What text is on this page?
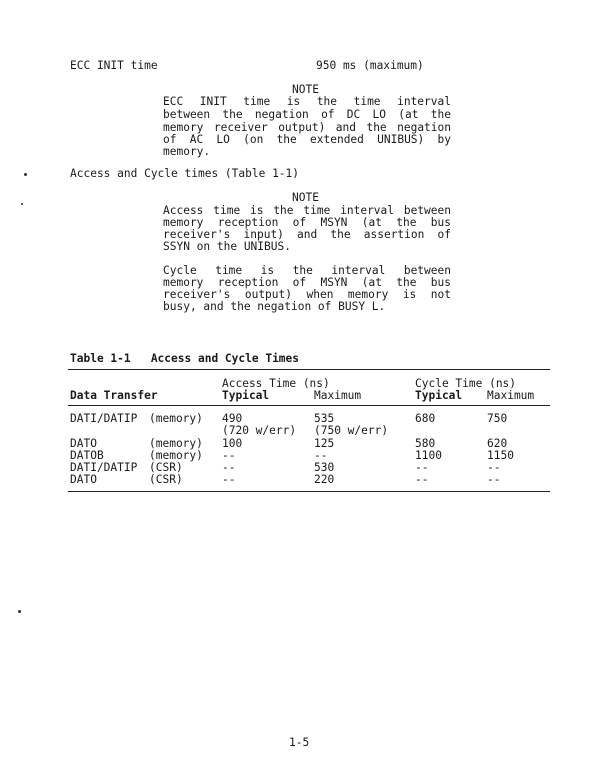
ECC INIT time	950 ms (maximum)
NOTE
ECC INIT time is the time interval
between the negation of DC LO (at the
memory receiver output) and the negation
of AC LO (on the extended UNIBUS) by
memory.
Access and Cycle times (Table 1-1)
NOTE
Access time is the time interval between
memory reception of MSYN (at the bus
receiver's input) and the assertion of
SSYN on the UNIBUS.
Cycle time is the interval between
memory reception of MSYN (at the bus
receiver's output) when memory is not
busy, and the negation of BUSY L.
Table 1-1   Access and Cycle Times
Access Time (ns)	Cycle Time (ns)
Data Transfer	Typical	Maximum	Typical Maximum
DATI/DATIP (memory) 490	535	680	750
(720 w/err) (750 w/err)
DATO	(memory) 100	125	580	620
DATOB	(memory) --	--	1100	1150
DATI/DATIP (CSR)	--	530	--	--
DATO	(CSR)	--	220	--	--
1-5
